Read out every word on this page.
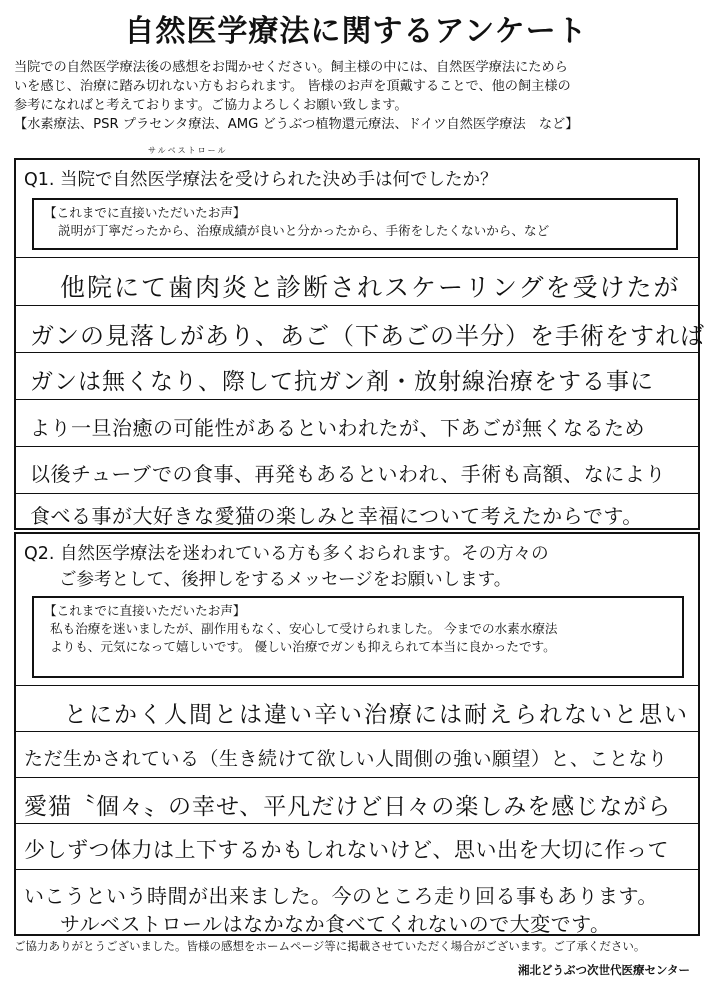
自然医学療法に関するアンケート
当院での自然医学療法後の感想をお聞かせください。飼主様の中には、自然医学療法にためら
いを感じ、治療に踏み切れない方もおられます。 皆様のお声を頂戴することで、他の飼主様の
参考になればと考えております。ご協力よろしくお願い致します。
【水素療法、PSR プラセンタ療法、AMG どうぶつ植物還元療法、ドイツ自然医学療法　など】
サルベストロール
Q1. 当院で自然医学療法を受けられた決め手は何でしたか？
【これまでに直接いただいたお声】
説明が丁寧だったから、治療成績が良いと分かったから、手術をしたくないから、など
他院にて歯肉炎と診断されスケーリングを受けたが
ガンの見落しがあり、あご（下あごの半分）を手術をすれば
ガンは無くなり、際して抗ガン剤・放射線治療をする事に
より一旦治癒の可能性があるといわれたが、下あごが無くなるため
以後チューブでの食事、再発もあるといわれ、手術も高額、なにより
食べる事が大好きな愛猫の楽しみと幸福について考えたからです。
Q2. 自然医学療法を迷われている方も多くおられます。その方々の
ご参考として、後押しをするメッセージをお願いします。
【これまでに直接いただいたお声】
私も治療を迷いましたが、副作用もなく、安心して受けられました。 今までの水素水療法
よりも、元気になって嬉しいです。 優しい治療でガンも抑えられて本当に良かったです。
とにかく人間とは違い辛い治療には耐えられないと思い
ただ生かされている（生き続けて欲しい人間側の強い願望）と、ことなり
愛猫〝個々〟の幸せ、平凡だけど日々の楽しみを感じながら
少しずつ体力は上下するかもしれないけど、思い出を大切に作って
いこうという時間が出来ました。今のところ走り回る事もあります。
サルベストロールはなかなか食べてくれないので大変です。
ご協力ありがとうございました。皆様の感想をホームページ等に掲載させていただく場合がございます。ご了承ください。
湘北どうぶつ次世代医療センター
